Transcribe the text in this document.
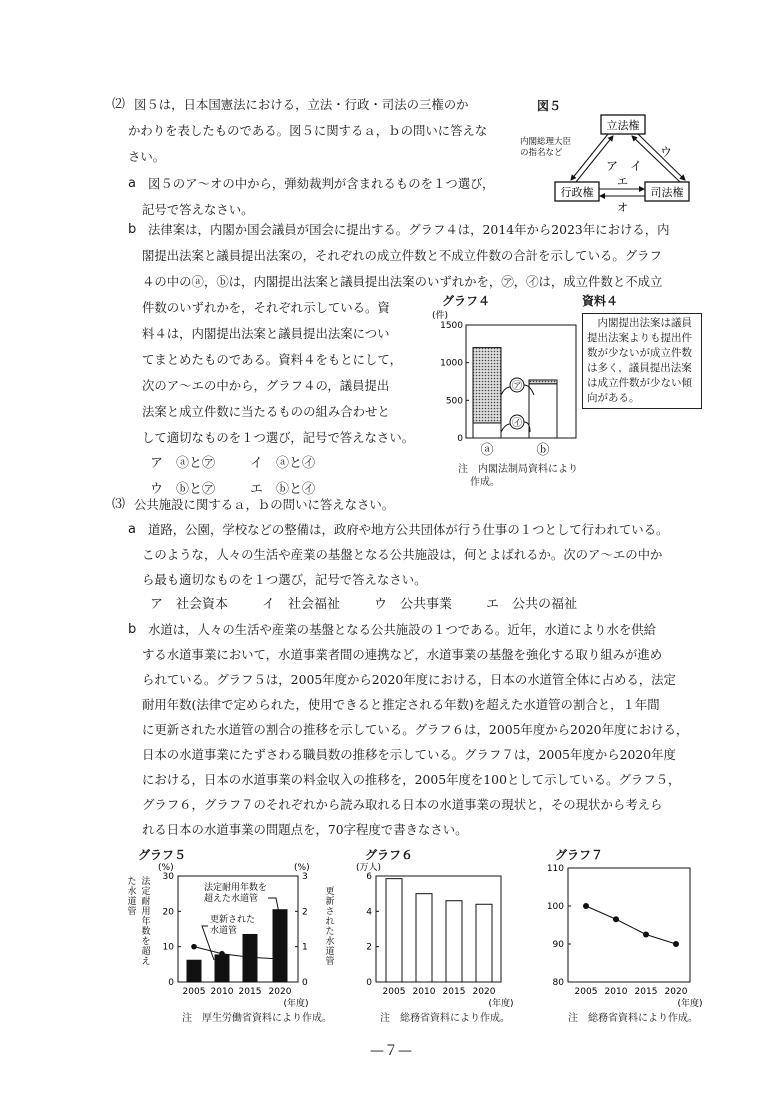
⑵ 図５は，日本国憲法における，立法・行政・司法の三権のか
かわりを表したものである。図５に関するａ，ｂの問いに答えな
さい。
a 図５のア～オの中から，弾劾裁判が含まれるものを１つ選び，
記号で答えなさい。
図５
立法権
行政権	司法権
内閣総理大臣
の指名など
ア イ
ウ
エ
オ
b 法律案は，内閣か国会議員が国会に提出する。グラフ４は，2014年から2023年における，内
閣提出法案と議員提出法案の，それぞれの成立件数と不成立件数の合計を示している。グラフ
４の中のⓐ，ⓑは，内閣提出法案と議員提出法案のいずれかを，㋐，㋑は，成立件数と不成立
件数のいずれかを，それぞれ示している。資
料４は，内閣提出法案と議員提出法案につい
てまとめたものである。資料４をもとにして，
次のア～エの中から，グラフ４の，議員提出
法案と成立件数に当たるものの組み合わせと
して適切なものを１つ選び，記号で答えなさい。
ア　 ⓐと㋐	イ　 ⓐと㋑
ウ　 ⓑと㋐	エ　 ⓑと㋑
グラフ４
(件)
0
500
1000
1500
ⓐ	ⓑ
㋐
㋑
注　内閣法制局資料により
作成。
資料４
　内閣提出法案は議員提出法案よりも提出件数が少ないが成立件数は多く，議員提出法案は成立件数が少ない傾向がある。
⑶ 公共施設に関するａ，ｂの問いに答えなさい。
a 道路，公園，学校などの整備は，政府や地方公共団体が行う仕事の１つとして行われている。
このような，人々の生活や産業の基盤となる公共施設は，何とよばれるか。次のア～エの中か
ら最も適切なものを１つ選び，記号で答えなさい。
ア　 社会資本	イ　 社会福祉	ウ　 公共事業	エ　 公共の福祉
b 水道は，人々の生活や産業の基盤となる公共施設の１つである。近年，水道により水を供給
する水道事業において，水道事業者間の連携など，水道事業の基盤を強化する取り組みが進め
られている。グラフ５は，2005年度から2020年度における，日本の水道管全体に占める，法定
耐用年数(法律で定められた，使用できると推定される年数)を超えた水道管の割合と，１年間
に更新された水道管の割合の推移を示している。グラフ６は，2005年度から2020年度における，
日本の水道事業にたずさわる職員数の推移を示している。グラフ７は，2005年度から2020年度
における，日本の水道事業の料金収入の推移を，2005年度を100として示している。グラフ５，
グラフ６，グラフ７のそれぞれから読み取れる日本の水道事業の現状と，その現状から考えら
れる日本の水道事業の問題点を，70字程度で書きなさい。
グラフ５
(%)	(%)
0
10
20
30
0
1
2
3
法
定
耐
用
年
数
を
超
え
た
水
道
管
更
新
さ
れ
た
水
道
管
2005 2010 2015 2020
(年度)
法定耐用年数を
超えた水道管
更新された
水道管
注　厚生労働省資料により作成。
グラフ６
(万人)
0
2
4
6
2005 2010 2015 2020
(年度)
注　総務省資料により作成。
グラフ７
80
90
100
110
2005 2010 2015 2020
(年度)
注　総務省資料により作成。
—７—
